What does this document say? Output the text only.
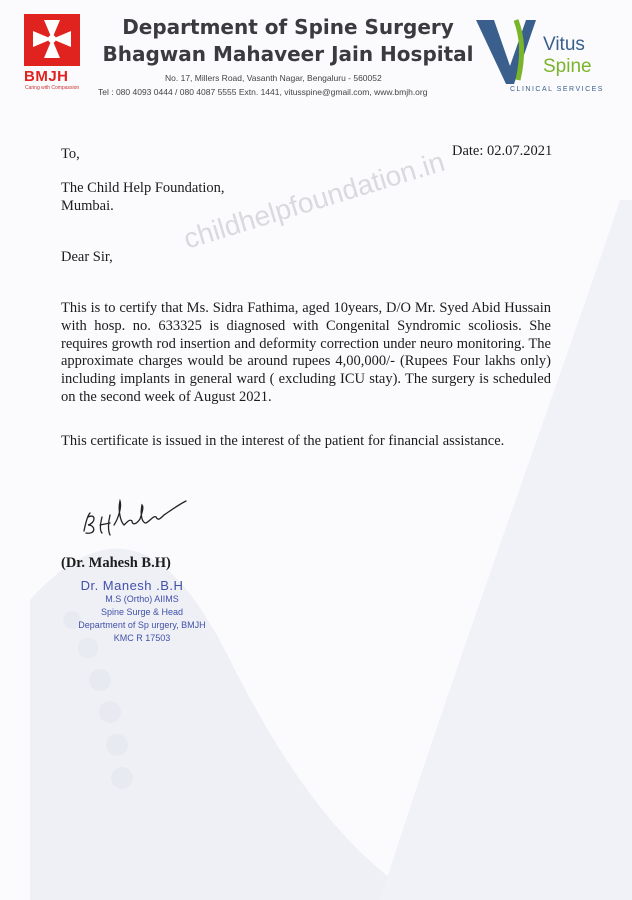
BMJH
Caring with Compassion
Department of Spine Surgery
Bhagwan Mahaveer Jain Hospital
No. 17, Millers Road, Vasanth Nagar, Bengaluru - 560052
Tel : 080 4093 0444 / 080 4087 5555 Extn. 1441, vitusspine@gmail.com, www.bmjh.org
Vitus
Spine
CLINICAL SERVICES
childhelpfoundation.in
To,	Date: 02.07.2021
The Child Help Foundation,
Mumbai.
Dear Sir,
This is to certify that Ms. Sidra Fathima, aged 10years, D/O Mr. Syed Abid Hussain with hosp. no. 633325 is diagnosed with Congenital Syndromic scoliosis. She requires growth rod insertion and deformity correction under neuro monitoring. The approximate charges would be around rupees 4,00,000/- (Rupees Four lakhs only) including implants in general ward ( excluding ICU stay). The surgery is scheduled on the second week of August 2021.
This certificate is issued in the interest of the patient for financial assistance.
(Dr. Mahesh B.H)
Dr. Manesh .B.H
M.S (Ortho) AIIMS
Spine Surge & Head
Department of Sp urgery, BMJH
KMC R 17503
